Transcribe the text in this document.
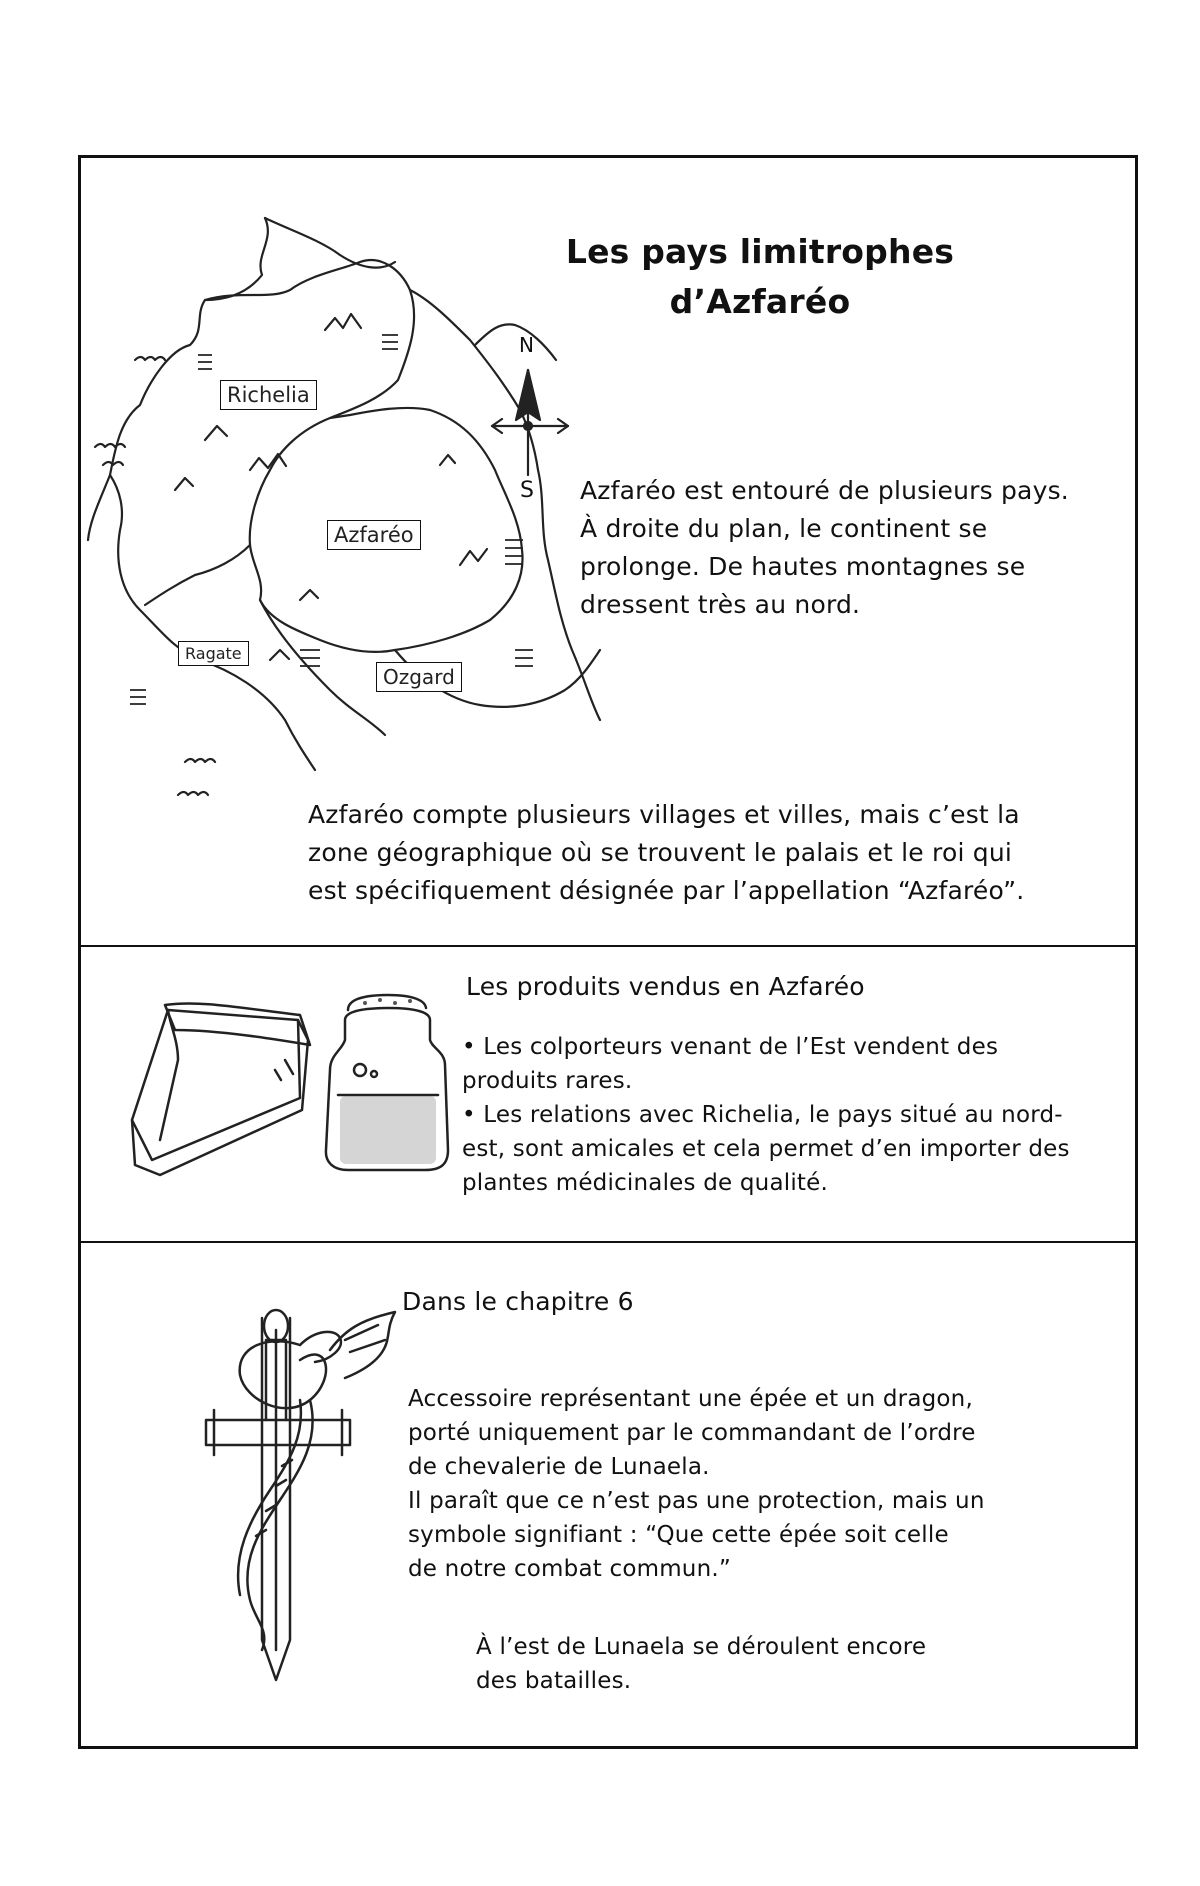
N
S
Richelia
Azfaréo
Ragate
Ozgard
Les pays limitrophes
d’Azfaréo
Azfaréo est entouré de plusieurs pays.
À droite du plan, le continent se
prolonge. De hautes montagnes se
dressent très au nord.
Azfaréo compte plusieurs villages et villes, mais c’est la
zone géographique où se trouvent le palais et le roi qui
est spécifiquement désignée par l’appellation “Azfaréo”.
Les produits vendus en Azfaréo
• Les colporteurs venant de l’Est vendent des
produits rares.
• Les relations avec Richelia, le pays situé au nord-
est, sont amicales et cela permet d’en importer des
plantes médicinales de qualité.
Dans le chapitre 6
Accessoire représentant une épée et un dragon,
porté uniquement par le commandant de l’ordre
de chevalerie de Lunaela.
Il paraît que ce n’est pas une protection, mais un
symbole signifiant : “Que cette épée soit celle
de notre combat commun.”
À l’est de Lunaela se déroulent encore
des batailles.
